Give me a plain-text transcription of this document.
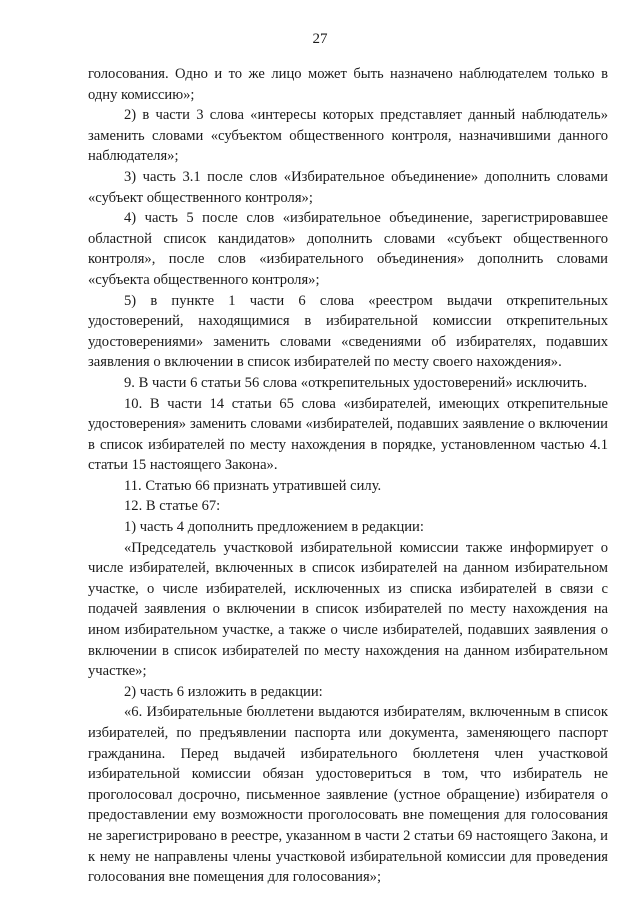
27

голосования. Одно и то же лицо может быть назначено наблюдателем только в одну комиссию»;

2) в части 3 слова «интересы которых представляет данный наблюдатель» заменить словами «субъектом общественного контроля, назначившими данного наблюдателя»;

3) часть 3.1 после слов «Избирательное объединение» дополнить словами «субъект общественного контроля»;

4) часть 5 после слов «избирательное объединение, зарегистрировавшее областной список кандидатов» дополнить словами «субъект общественного контроля», после слов «избирательного объединения» дополнить словами «субъекта общественного контроля»;

5) в пункте 1 части 6 слова «реестром выдачи открепительных удостоверений, находящимися в избирательной комиссии открепительных удостоверениями» заменить словами «сведениями об избирателях, подавших заявления о включении в список избирателей по месту своего нахождения».

9. В части 6 статьи 56 слова «открепительных удостоверений» исключить.

10. В части 14 статьи 65 слова «избирателей, имеющих открепительные удостоверения» заменить словами «избирателей, подавших заявление о включении в список избирателей по месту нахождения в порядке, установленном частью 4.1 статьи 15 настоящего Закона».

11. Статью 66 признать утратившей силу.

12. В статье 67:

1) часть 4 дополнить предложением в редакции:

«Председатель участковой избирательной комиссии также информирует о числе избирателей, включенных в список избирателей на данном избирательном участке, о числе избирателей, исключенных из списка избирателей в связи с подачей заявления о включении в список избирателей по месту нахождения на ином избирательном участке, а также о числе избирателей, подавших заявления о включении в список избирателей по месту нахождения на данном избирательном участке»;

2) часть 6 изложить в редакции:

«6. Избирательные бюллетени выдаются избирателям, включенным в список избирателей, по предъявлении паспорта или документа, заменяющего паспорт гражданина. Перед выдачей избирательного бюллетеня член участковой избирательной комиссии обязан удостовериться в том, что избиратель не проголосовал досрочно, письменное заявление (устное обращение) избирателя о предоставлении ему возможности проголосовать вне помещения для голосования не зарегистрировано в реестре, указанном в части 2 статьи 69 настоящего Закона, и к нему не направлены члены участковой избирательной комиссии для проведения голосования вне помещения для голосования»;
